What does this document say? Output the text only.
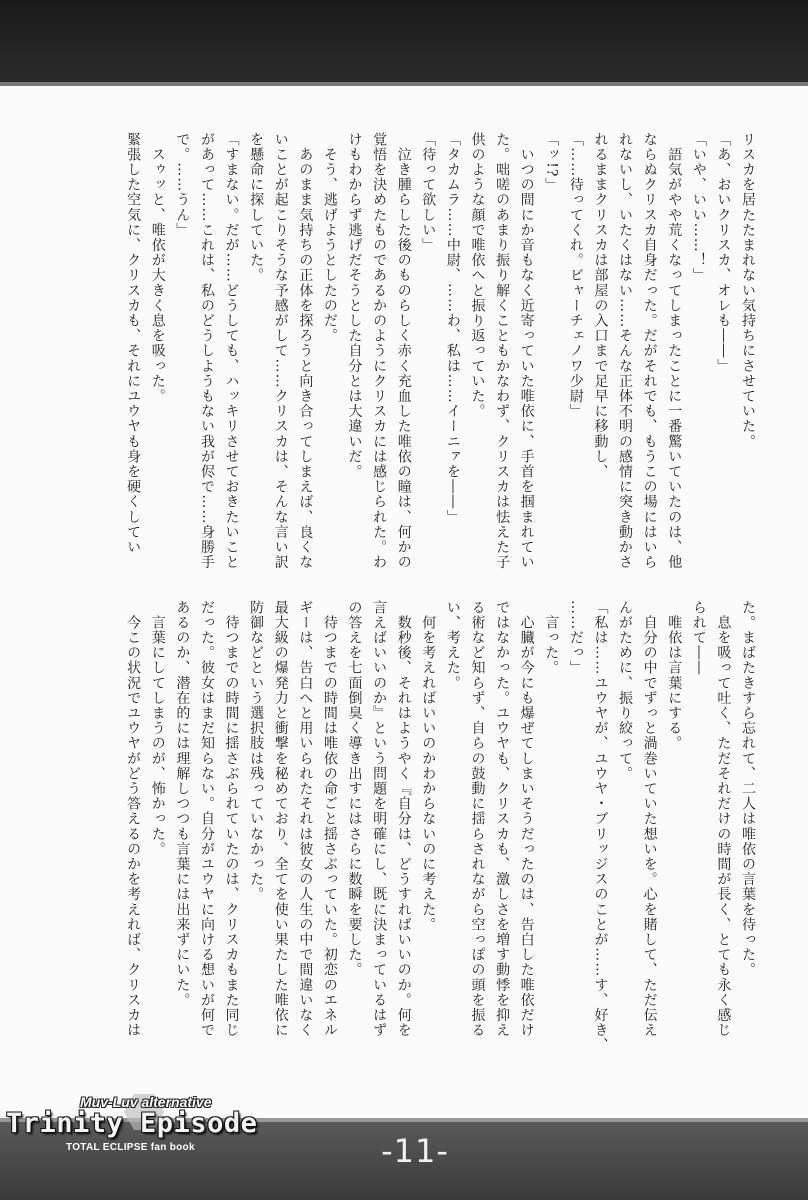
リスカを居たたまれない気持ちにさせていた。

「あ、おいクリスカ、オレも――」

「いや、いい……！」

　語気がやや荒くなってしまったことに一番驚いていたのは、他

ならぬクリスカ自身だった。だがそれでも、もうこの場にはいら

れないし、いたくはない……そんな正体不明の感情に突き動かさ

れるままクリスカは部屋の入口まで足早に移動し、

「……待ってくれ。ビャーチェノワ少尉」

「ッ!?」

　いつの間にか音もなく近寄っていた唯依に、手首を掴まれてい

た。咄嗟のあまり振り解くこともかなわず、クリスカは怯えた子

供のような顔で唯依へと振り返っていた。

「タカムラ……中尉、……わ、私は……イーニァを――」

「待って欲しい」

　泣き腫らした後のものらしく赤く充血した唯依の瞳は、何かの

覚悟を決めたものであるかのようにクリスカには感じられた。わ

けもわからず逃げだそうとした自分とは大違いだ。

　そう、逃げようとしたのだ。

　あのまま気持ちの正体を探ろうと向き合ってしまえば、良くな

いことが起こりそうな予感がして……クリスカは、そんな言い訳

を懸命に探していた。

「すまない。だが……どうしても、ハッキリさせておきたいこと

があって……これは、私のどうしようもない我が侭で……身勝手

で。……うん」

　スゥッと、唯依が大きく息を吸った。

緊張した空気に、クリスカも、それにユウヤも身を硬くしてい

た。まばたきすら忘れて、二人は唯依の言葉を待った。

　息を吸って吐く、ただそれだけの時間が長く、とても永く感じ

られて――

　唯依は言葉にする。

　自分の中でずっと渦巻いていた想いを。心を賭して、ただ伝え

んがために、振り絞って。

「私は……ユウヤが、ユウヤ・ブリッジスのことが……す、好き、

……だっ」

　言った。

　心臓が今にも爆ぜてしまいそうだったのは、告白した唯依だけ

ではなかった。ユウヤも、クリスカも、激しさを増す動悸を抑え

る術など知らず、自らの鼓動に揺らされながら空っぽの頭を振る

い、考えた。

　何を考えればいいのかわからないのに考えた。

　数秒後、それはようやく『自分は、どうすればいいのか。何を

言えばいいのか』という問題を明確にし、既に決まっているはず

の答えを七面倒臭く導き出すにはさらに数瞬を要した。

　待つまでの時間は唯依の命ごと揺さぶっていた。初恋のエネル

ギーは、告白へと用いられたそれは彼女の人生の中で間違いなく

最大級の爆発力と衝撃を秘めており、全てを使い果たした唯依に

防御などという選択肢は残っていなかった。

　待つまでの時間に揺さぶられていたのは、クリスカもまた同じ

だった。彼女はまだ知らない。自分がユウヤに向ける想いが何で

あるのか、潜在的には理解しつつも言葉には出来ずにいた。

　言葉にしてしまうのが、怖かった。

　今この状況でユウヤがどう答えるのかを考えれば、クリスカは

Muv-Luv alternative
Trinity Episode
TOTAL ECLIPSE fan book	-11-
